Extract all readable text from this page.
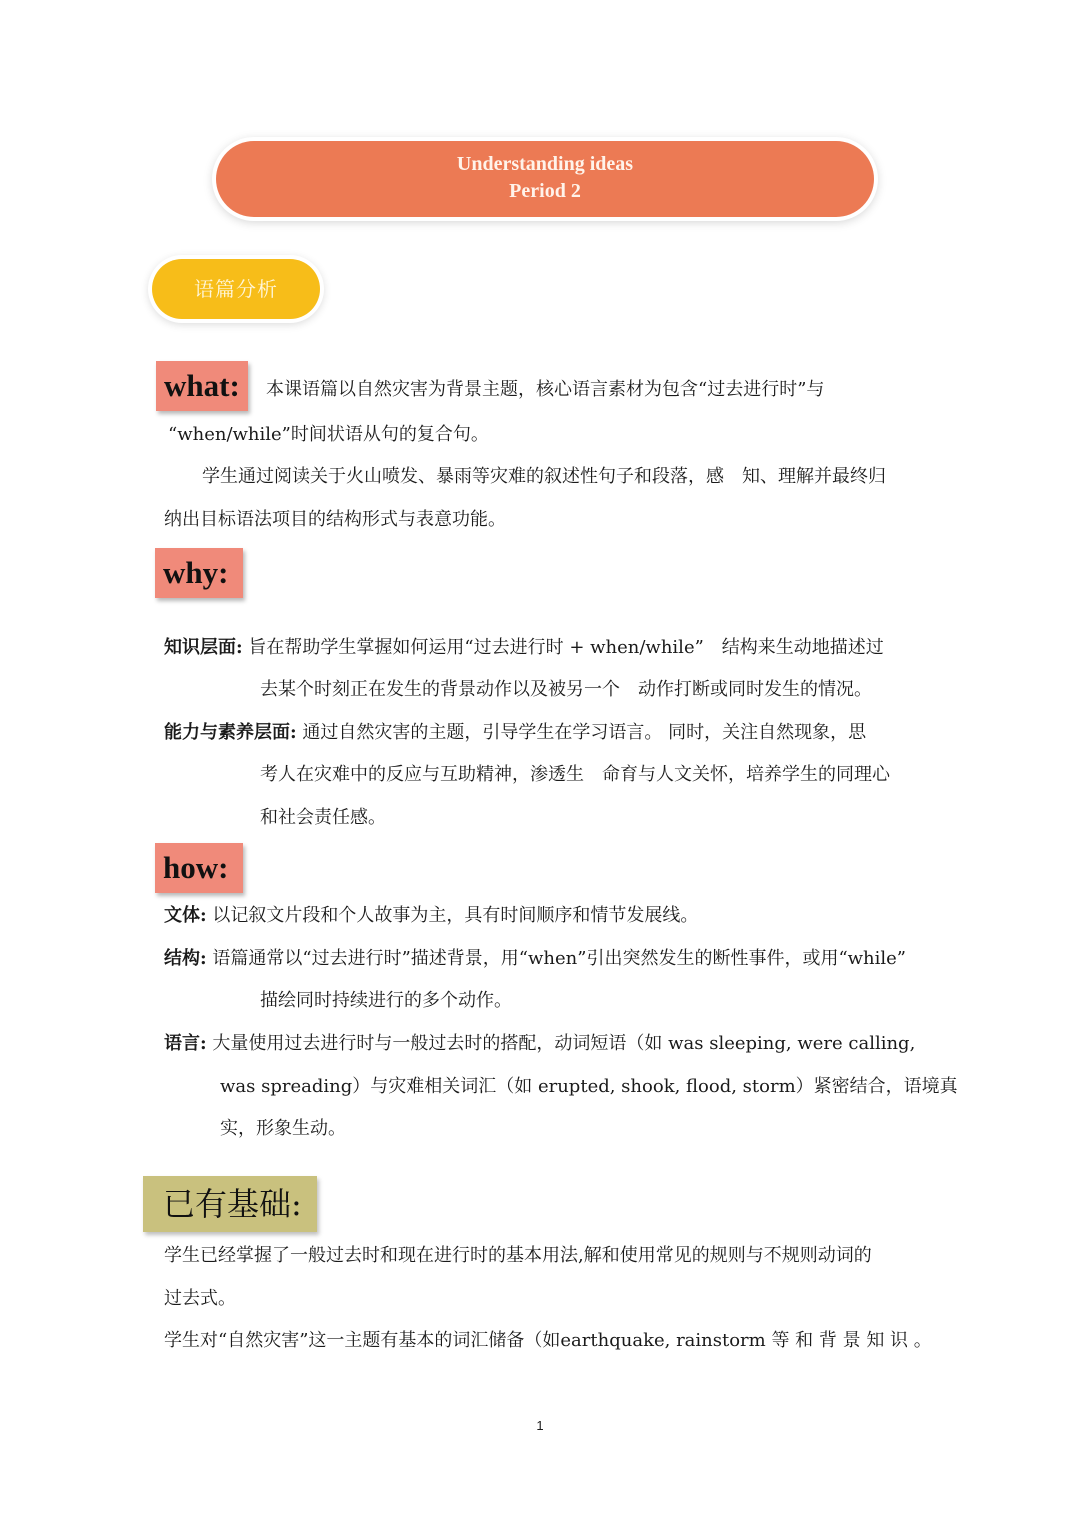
Understanding ideas
Period 2
语篇分析
what:	本课语篇以自然灾害为背景主题，核心语言素材为包含“过去进行时”与
“when/while”时间状语从句的复合句。
学生通过阅读关于火山喷发、暴雨等灾难的叙述性句子和段落，感　知、理解并最终归
纳出目标语法项目的结构形式与表意功能。
why:
知识层面: 旨在帮助学生掌握如何运用“过去进行时 + when/while”　结构来生动地描述过
去某个时刻正在发生的背景动作以及被另一个　动作打断或同时发生的情况。
能力与素养层面: 通过自然灾害的主题，引导学生在学习语言。 同时，关注自然现象，思
考人在灾难中的反应与互助精神，渗透生　命育与人文关怀，培养学生的同理心
和社会责任感。
how:
文体: 以记叙文片段和个人故事为主，具有时间顺序和情节发展线。
结构: 语篇通常以“过去进行时”描述背景，用“when”引出突然发生的断性事件，或用“while”
描绘同时持续进行的多个动作。
语言: 大量使用过去进行时与一般过去时的搭配，动词短语（如 was sleeping, were calling,
was spreading）与灾难相关词汇（如 erupted, shook, flood, storm）紧密结合，语境真
实，形象生动。
已有基础:
学生已经掌握了一般过去时和现在进行时的基本用法,解和使用常见的规则与不规则动词的
过去式。
学生对“自然灾害”这一主题有基本的词汇储备（如earthquake, rainstorm 等 和 背 景 知 识 。
1
